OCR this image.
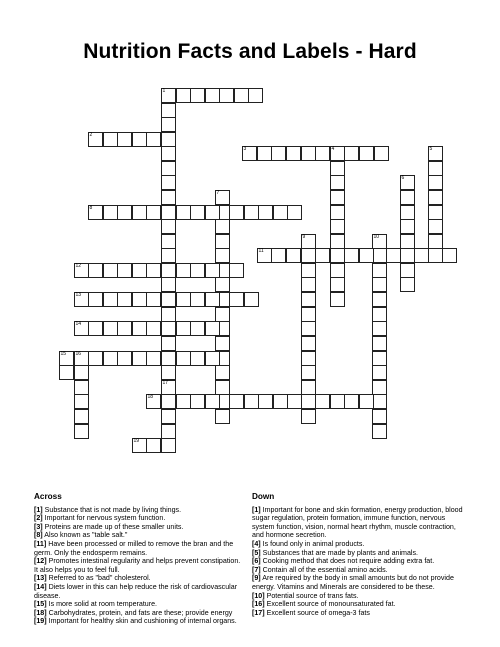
Nutrition Facts and Labels - Hard
1
2
3	4	5
6
7
8
9	10
11
12
13
14
15 16
17
18
19
Across

[1] Substance that is not made by living things.

[2] Important for nervous system function.

[3] Proteins are made up of these smaller units.

[8] Also known as "table salt."

[11] Have been processed or milled to remove the bran and the germ. Only the endosperm remains.

[12] Promotes intestinal regularity and helps prevent constipation. It also helps you to feel full.

[13] Referred to as "bad" cholesterol.

[14] Diets lower in this can help reduce the risk of cardiovascular disease.

[15] Is more solid at room temperature.

[18] Carbohydrates, protein, and fats are these; provide energy

[19] Important for healthy skin and cushioning of internal organs.

Down

[1] Important for bone and skin formation, energy production, blood sugar regulation, protein formation, immune function, nervous system function, vision, normal heart rhythm, muscle contraction, and hormone secretion.

[4] Is found only in animal products.

[5] Substances that are made by plants and animals.

[6] Cooking method that does not require adding extra fat.

[7] Contain all of the essential amino acids.

[9] Are required by the body in small amounts but do not provide energy. Vitamins and Minerals are considered to be these.

[10] Potential source of trans fats.

[16] Excellent source of monounsaturated fat.

[17] Excellent source of omega-3 fats
